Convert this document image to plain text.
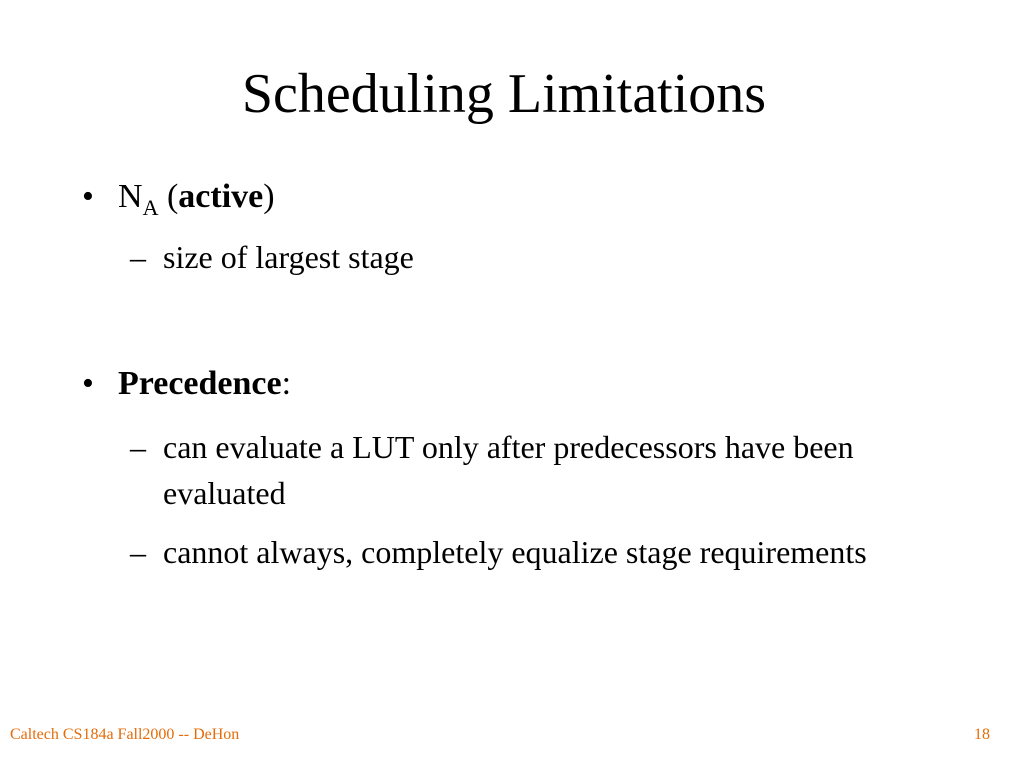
Scheduling Limitations
• $N_A$ (active)
– size of largest stage
• Precedence:
– can evaluate a LUT only after predecessors have been evaluated
– cannot always, completely equalize stage requirements
Caltech CS184a Fall2000 -- DeHon	18
